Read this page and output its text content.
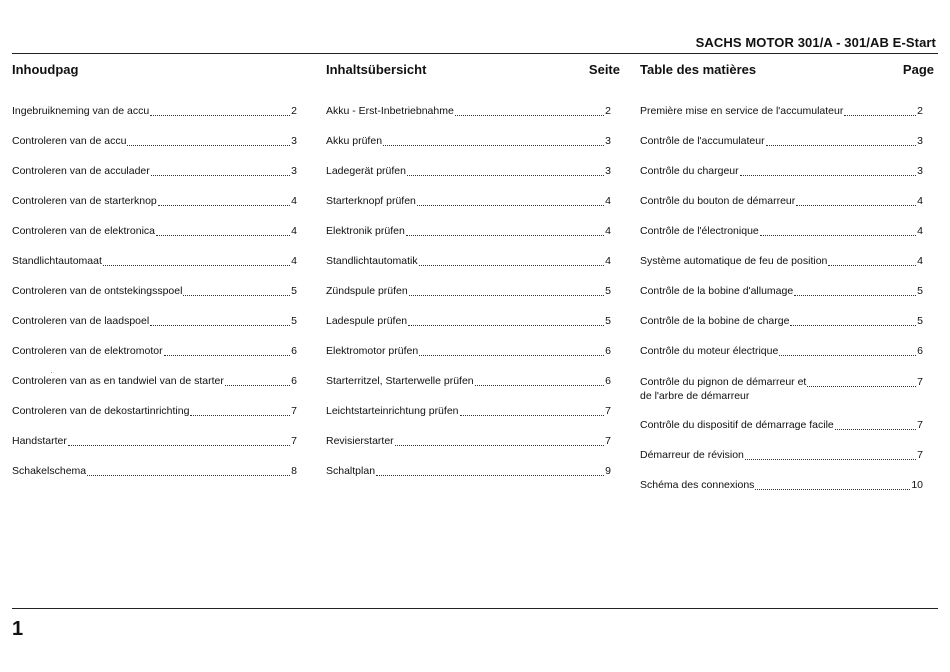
SACHS MOTOR 301/A - 301/AB E-Start
Inhoudpag
Ingebruikneming van de accu	2
Controleren van de accu	3
Controleren van de acculader	3
Controleren van de starterknop	4
Controleren van de elektronica	4
Standlichtautomaat	4
Controleren van de ontstekingsspoel	5
Controleren van de laadspoel	5
Controleren van de elektromotor	6
Controleren van as en tandwiel van de starter	6
Controleren van de dekostartinrichting	7
Handstarter	7
Schakelschema	8
Inhaltsübersicht	Seite
Akku - Erst-Inbetriebnahme	2
Akku prüfen	3
Ladegerät prüfen	3
Starterknopf prüfen	4
Elektronik prüfen	4
Standlichtautomatik	4
Zündspule prüfen	5
Ladespule prüfen	5
Elektromotor prüfen	6
Starterritzel, Starterwelle prüfen	6
Leichtstarteinrichtung prüfen	7
Revisierstarter	7
Schaltplan	9
Table des matières	Page
Première mise en service de l'accumulateur	2
Contrôle de l'accumulateur	3
Contrôle du chargeur	3
Contrôle du bouton de démarreur	4
Contrôle de l'électronique	4
Système automatique de feu de position	4
Contrôle de la bobine d'allumage	5
Contrôle de la bobine de charge	5
Contrôle du moteur électrique	6
Contrôle du pignon de démarreur et	7
de l'arbre de démarreur
Contrôle du dispositif de démarrage facile	7
Démarreur de révision	7
Schéma des connexions	10
1
